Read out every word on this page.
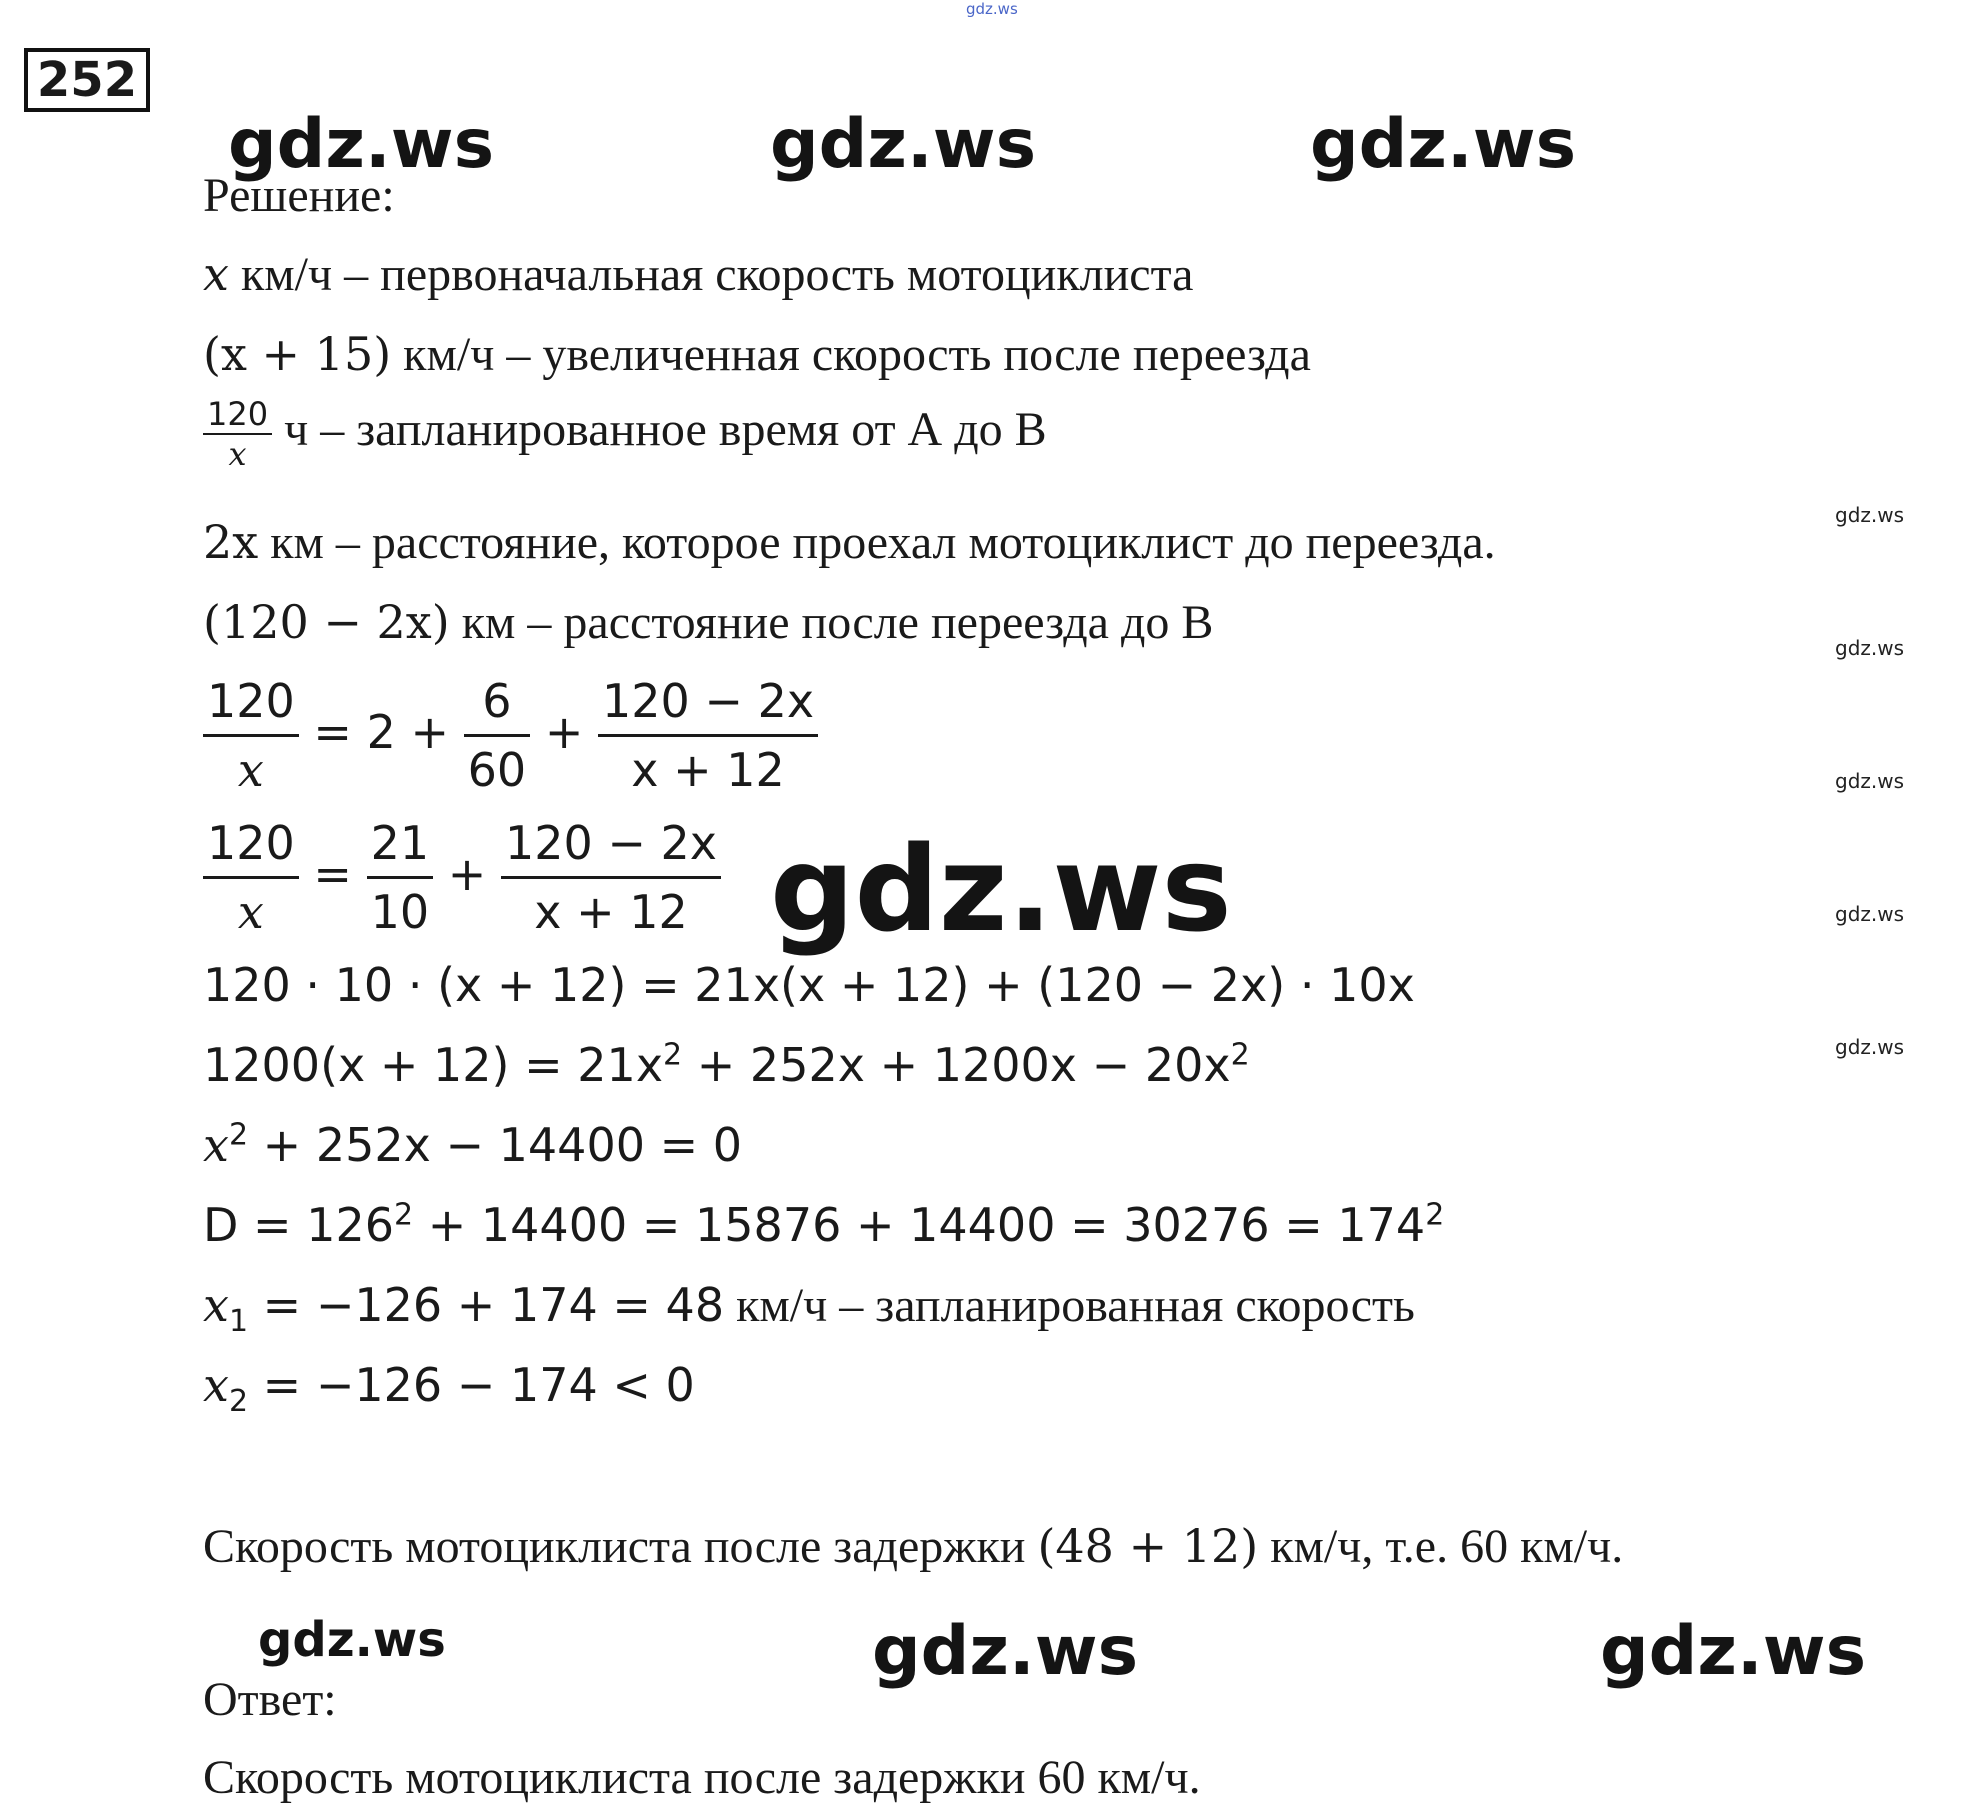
gdz.ws
gdz.ws	gdz.ws	gdz.ws
gdz.ws
gdz.ws
gdz.ws
gdz.ws
gdz.ws
252
Решение:
x км/ч – первоначальная скорость мотоциклиста
(x + 15) км/ч – увеличенная скорость после переезда
$\frac{120}{x}$ ч – запланированное время от А до В
2x км – расстояние, которое проехал мотоциклист до переезда.
(120 − 2x) км – расстояние после переезда до В
$\frac{120}{x} = 2 + \frac{6}{60} + \frac{120 - 2x}{x + 12}$
$\frac{120}{x} = \frac{21}{10} + \frac{120 - 2x}{x + 12} gdz.ws$
120 · 10 · (x + 12) = 21x(x + 12) + (120 − 2x) · 10x
$1200(x + 12) = 21x^2 + 252x + 1200x - 20x^2$
$x^2 + 252x - 14400 = 0$
$D = 126^2 + 14400 = 15876 + 14400 = 30276 = 174^2$
$x_1 = -126 + 174 = 48$ км/ч – запланированная скорость
$x_2 = -126 - 174 < 0$
Скорость мотоциклиста после задержки (48 + 12) км/ч, т.е. 60 км/ч.
gdz.ws	gdz.ws	gdz.ws
Ответ:
Скорость мотоциклиста после задержки 60 км/ч.
